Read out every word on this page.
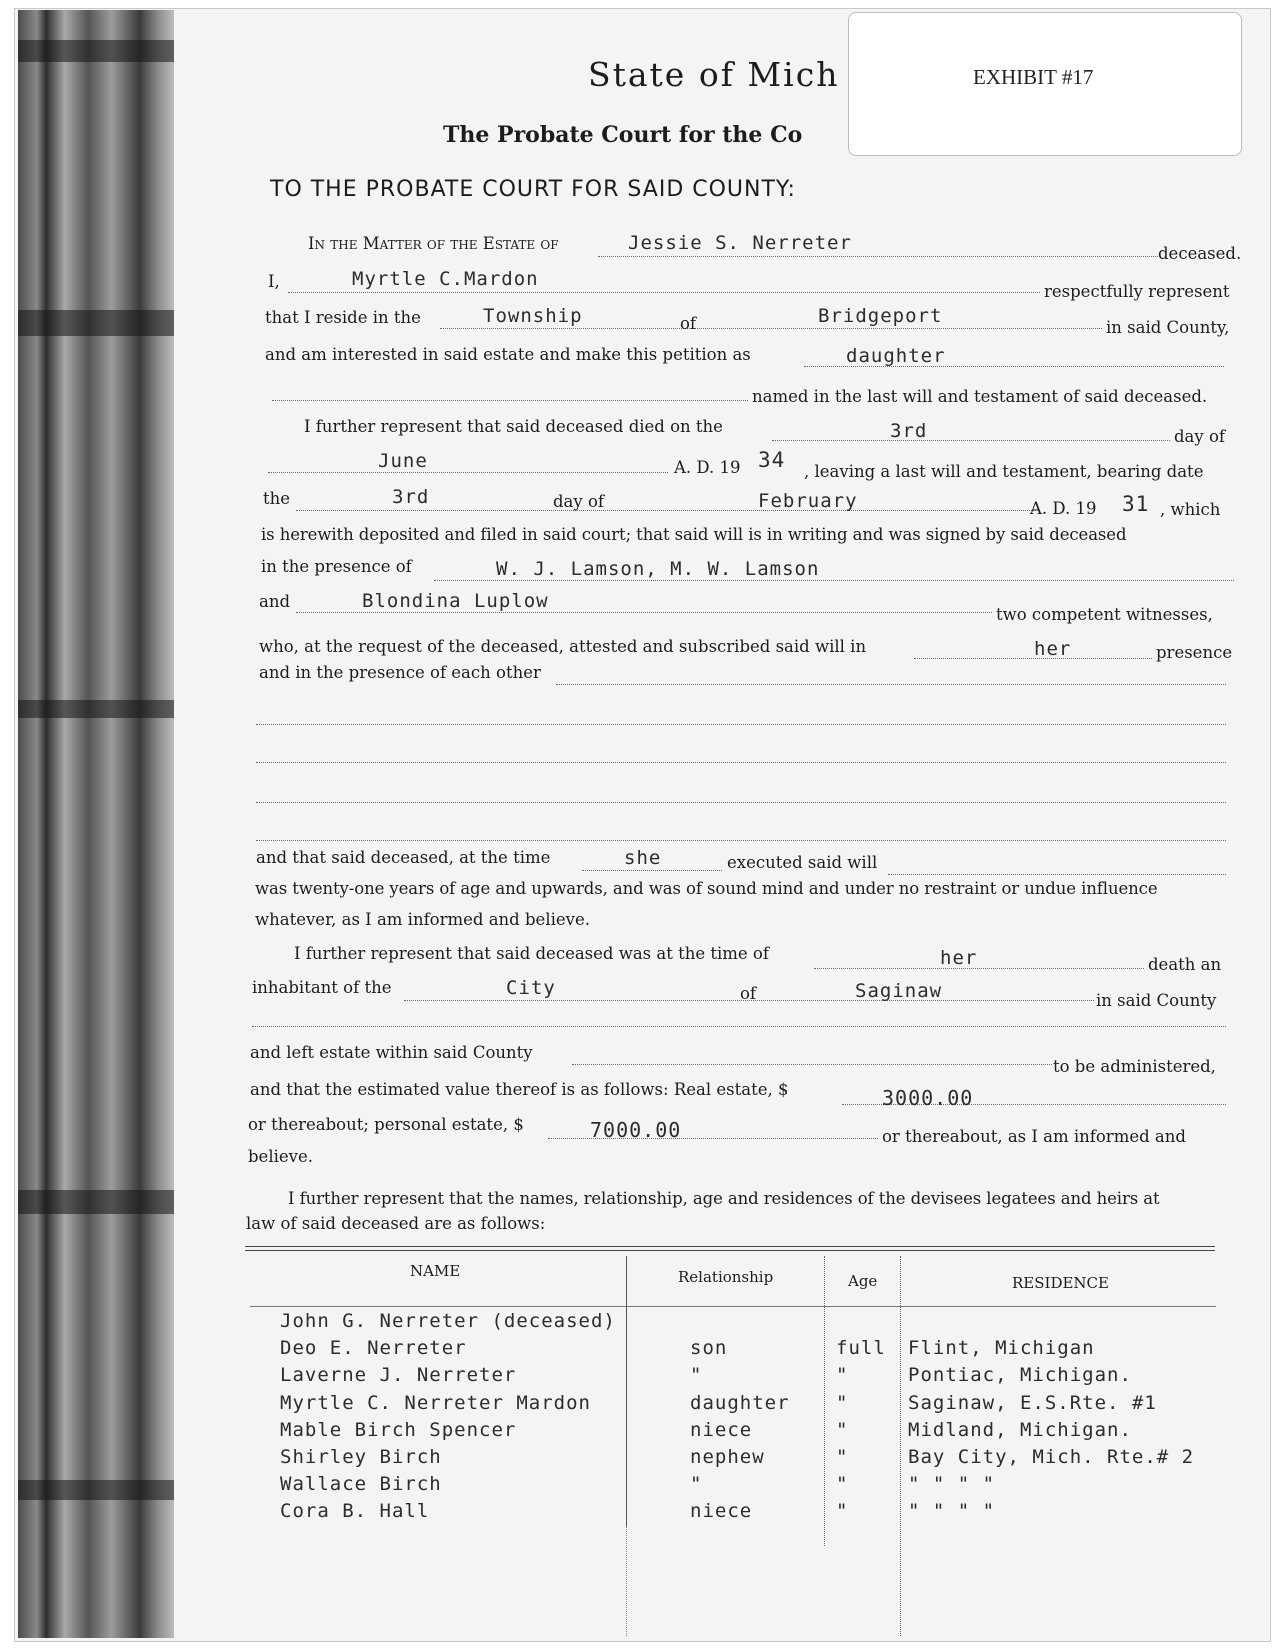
State of Mich
The Probate Court for the Co
TO THE PROBATE COURT FOR SAID COUNTY:
EXHIBIT #17
In the Matter of the Estate of	Jessie S. Nerreter	deceased.
I,	Myrtle C.Mardon
respectfully represent
that I reside in the	Township	of	Bridgeport
in said County,
and am interested in said estate and make this petition as	daughter
named in the last will and testament of said deceased.
I further represent that said deceased died on the	3rd	day of
June	A. D. 19 34 , leaving a last will and testament, bearing date
the	3rd	day of	February	A. D. 19 31 , which
is herewith deposited and filed in said court; that said will is in writing and was signed by said deceased
in the presence of	W. J. Lamson, M. W. Lamson
and	Blondina Luplow
two competent witnesses,
who, at the request of the deceased, attested and subscribed said will in	her	presence
and in the presence of each other
and that said deceased, at the time	she	executed said will
was twenty-one years of age and upwards, and was of sound mind and under no restraint or undue influence
whatever, as I am informed and believe.
I further represent that said deceased was at the time of	her	death an
inhabitant of the	City	of	Saginaw	in said County
and left estate within said County
to be administered,
and that the estimated value thereof is as follows: Real estate, $	3000.00
or thereabout; personal estate, $	7000.00	or thereabout, as I am informed and
believe.
I further represent that the names, relationship, age and residences of the devisees legatees and heirs at
law of said deceased are as follows:
NAME	Relationship	Age	RESIDENCE
John G. Nerreter (deceased)
Deo E. Nerreter	son	full Flint, Michigan
Laverne J. Nerreter	"	"	Pontiac, Michigan.
Myrtle C. Nerreter Mardon	daughter "	Saginaw, E.S.Rte. #1
Mable Birch Spencer	niece	"	Midland, Michigan.
Shirley Birch	nephew	"	Bay City, Mich. Rte.# 2
Wallace Birch	"	"	" " " "
Cora B. Hall	niece	"	" " " "
